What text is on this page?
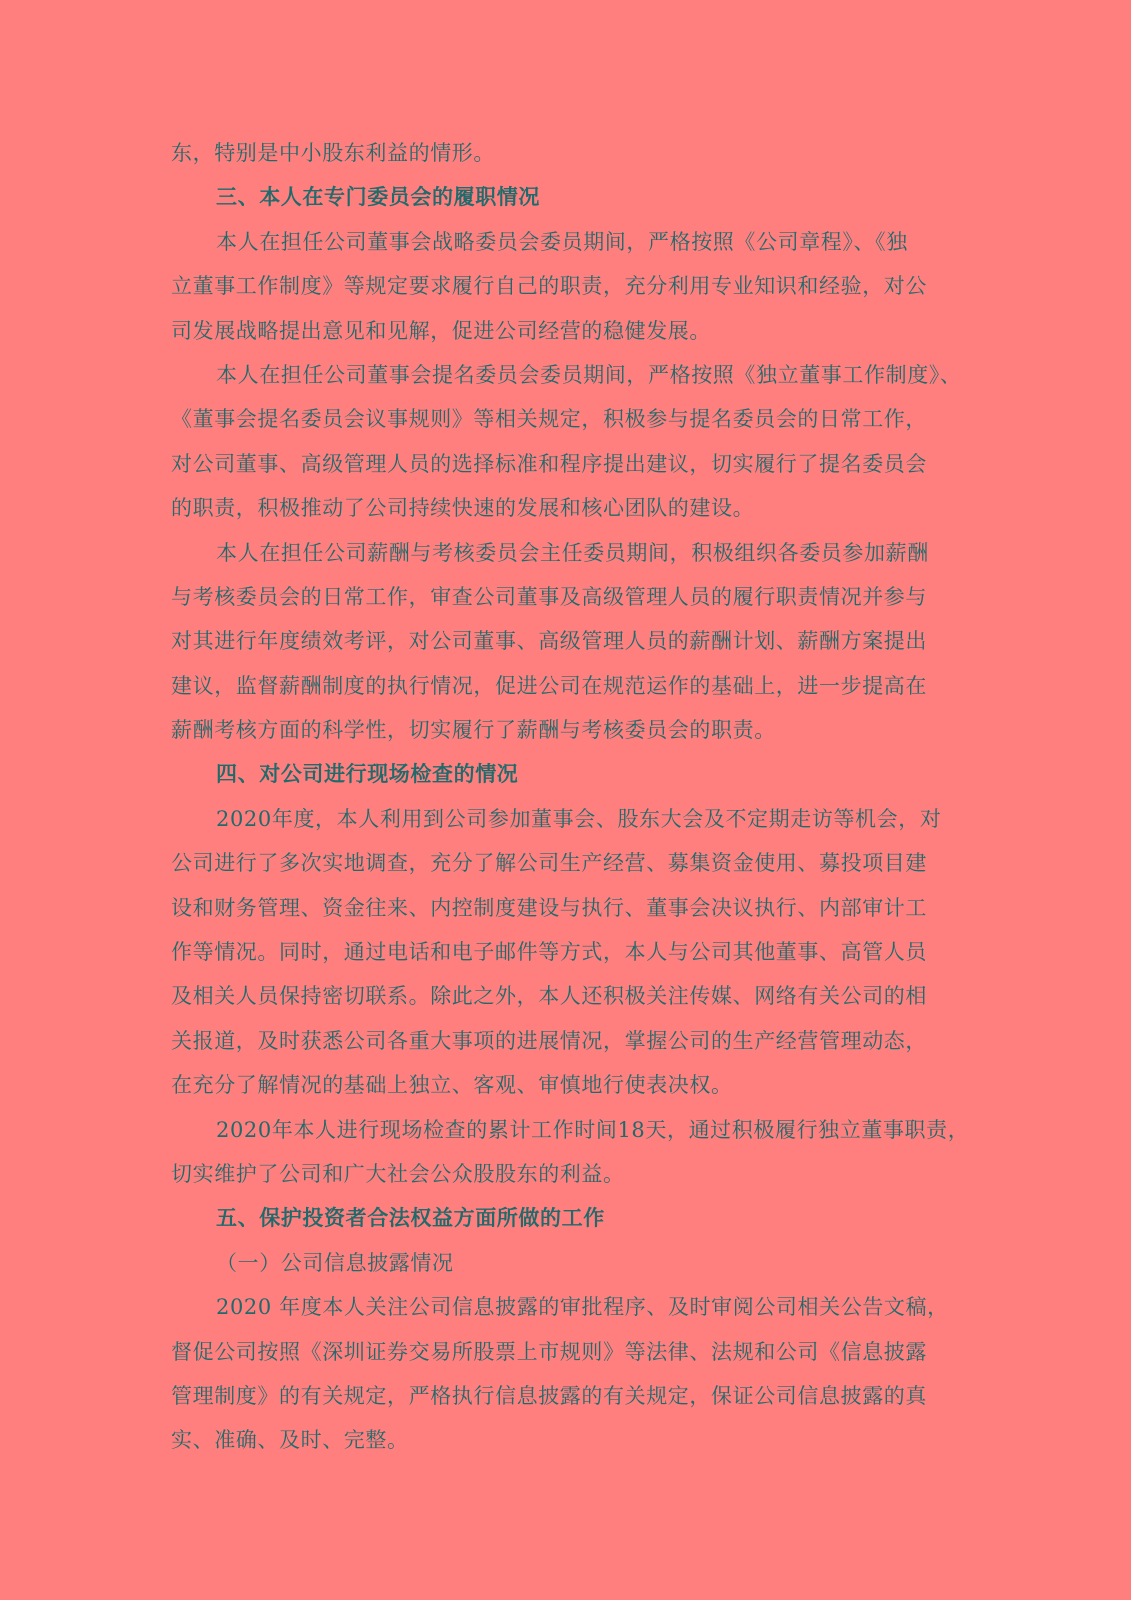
东，特别是中小股东利益的情形。
三、本人在专门委员会的履职情况
本人在担任公司董事会战略委员会委员期间，严格按照《公司章程》、《独
立董事工作制度》等规定要求履行自己的职责，充分利用专业知识和经验，对公
司发展战略提出意见和见解，促进公司经营的稳健发展。
本人在担任公司董事会提名委员会委员期间，严格按照《独立董事工作制度》、
《董事会提名委员会议事规则》等相关规定，积极参与提名委员会的日常工作，
对公司董事、高级管理人员的选择标准和程序提出建议，切实履行了提名委员会
的职责，积极推动了公司持续快速的发展和核心团队的建设。
本人在担任公司薪酬与考核委员会主任委员期间，积极组织各委员参加薪酬
与考核委员会的日常工作，审查公司董事及高级管理人员的履行职责情况并参与
对其进行年度绩效考评，对公司董事、高级管理人员的薪酬计划、薪酬方案提出
建议，监督薪酬制度的执行情况，促进公司在规范运作的基础上，进一步提高在
薪酬考核方面的科学性，切实履行了薪酬与考核委员会的职责。
四、对公司进行现场检查的情况
2020年度，本人利用到公司参加董事会、股东大会及不定期走访等机会，对
公司进行了多次实地调查，充分了解公司生产经营、募集资金使用、募投项目建
设和财务管理、资金往来、内控制度建设与执行、董事会决议执行、内部审计工
作等情况。同时，通过电话和电子邮件等方式，本人与公司其他董事、高管人员
及相关人员保持密切联系。除此之外，本人还积极关注传媒、网络有关公司的相
关报道，及时获悉公司各重大事项的进展情况，掌握公司的生产经营管理动态，
在充分了解情况的基础上独立、客观、审慎地行使表决权。
2020年本人进行现场检查的累计工作时间18天，通过积极履行独立董事职责，
切实维护了公司和广大社会公众股股东的利益。
五、保护投资者合法权益方面所做的工作
（一）公司信息披露情况
2020 年度本人关注公司信息披露的审批程序、及时审阅公司相关公告文稿，
督促公司按照《深圳证券交易所股票上市规则》等法律、法规和公司《信息披露
管理制度》的有关规定，严格执行信息披露的有关规定，保证公司信息披露的真
实、准确、及时、完整。
